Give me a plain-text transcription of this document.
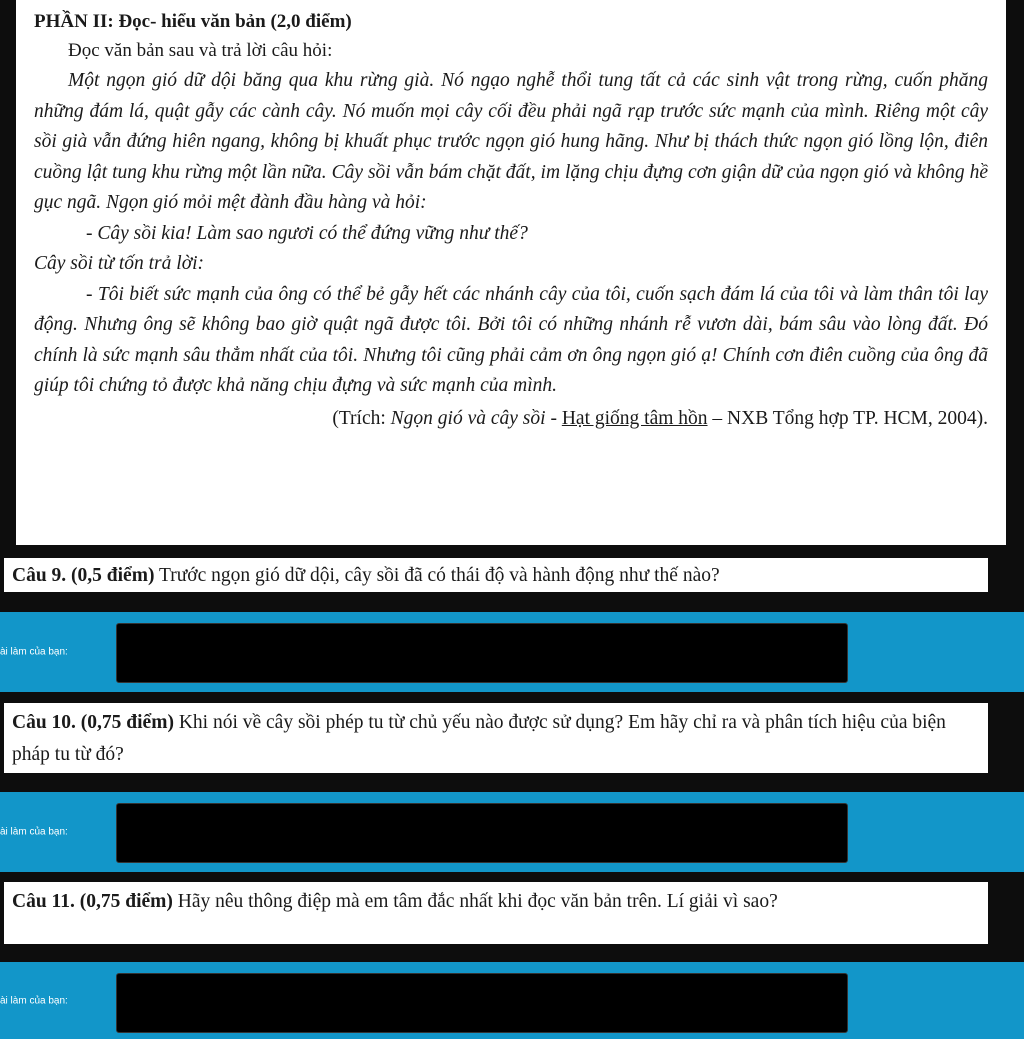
PHẦN II: Đọc- hiểu văn bản (2,0 điểm)
Đọc văn bản sau và trả lời câu hỏi:

Một ngọn gió dữ dội băng qua khu rừng già. Nó ngạo nghễ thổi tung tất cả các sinh vật trong rừng, cuốn phăng những đám lá, quật gẫy các cành cây. Nó muốn mọi cây cối đều phải ngã rạp trước sức mạnh của mình. Riêng một cây sồi già vẫn đứng hiên ngang, không bị khuất phục trước ngọn gió hung hãng. Như bị thách thức ngọn gió lồng lộn, điên cuồng lật tung khu rừng một lần nữa. Cây sồi vẫn bám chặt đất, im lặng chịu đựng cơn giận dữ của ngọn gió và không hề gục ngã. Ngọn gió mỏi mệt đành đầu hàng và hỏi:

- Cây sồi kia! Làm sao ngươi có thể đứng vững như thế?

Cây sồi từ tốn trả lời:

- Tôi biết sức mạnh của ông có thể bẻ gẫy hết các nhánh cây của tôi, cuốn sạch đám lá của tôi và làm thân tôi lay động. Nhưng ông sẽ không bao giờ quật ngã được tôi. Bởi tôi có những nhánh rễ vươn dài, bám sâu vào lòng đất. Đó chính là sức mạnh sâu thẳm nhất của tôi. Nhưng tôi cũng phải cảm ơn ông ngọn gió ạ! Chính cơn điên cuồng của ông đã giúp tôi chứng tỏ được khả năng chịu đựng và sức mạnh của mình.

(Trích: Ngọn gió và cây sồi - Hạt giống tâm hồn – NXB Tổng hợp TP. HCM, 2004).
Câu 9. (0,5 điểm) Trước ngọn gió dữ dội, cây sồi đã có thái độ và hành động như thế nào?
ài làm của bạn:
Câu 10. (0,75 điểm) Khi nói về cây sồi phép tu từ chủ yếu nào được sử dụng? Em hãy chỉ ra và phân tích hiệu của biện pháp tu từ đó?
ài làm của bạn:
Câu 11. (0,75 điểm) Hãy nêu thông điệp mà em tâm đắc nhất khi đọc văn bản trên. Lí giải vì sao?
ài làm của bạn:
